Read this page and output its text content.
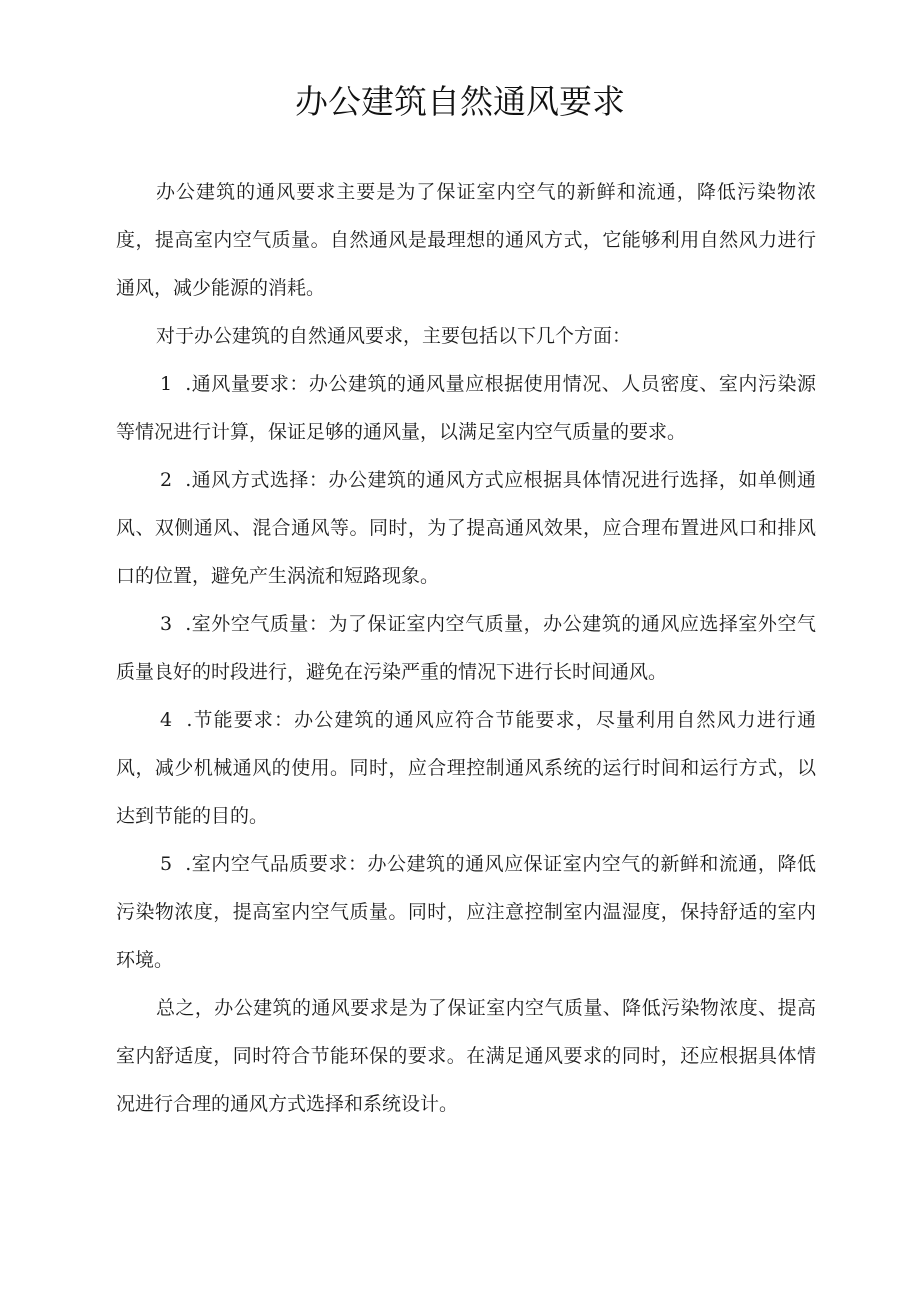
办公建筑自然通风要求

办公建筑的通风要求主要是为了保证室内空气的新鲜和流通，降低污染物浓度，提高室内空气质量。自然通风是最理想的通风方式，它能够利用自然风力进行通风，减少能源的消耗。

对于办公建筑的自然通风要求，主要包括以下几个方面：

1 .通风量要求：办公建筑的通风量应根据使用情况、人员密度、室内污染源等情况进行计算，保证足够的通风量，以满足室内空气质量的要求。

2 .通风方式选择：办公建筑的通风方式应根据具体情况进行选择，如单侧通风、双侧通风、混合通风等。同时，为了提高通风效果，应合理布置进风口和排风口的位置，避免产生涡流和短路现象。

3 .室外空气质量：为了保证室内空气质量，办公建筑的通风应选择室外空气质量良好的时段进行，避免在污染严重的情况下进行长时间通风。

4 .节能要求：办公建筑的通风应符合节能要求，尽量利用自然风力进行通风，减少机械通风的使用。同时，应合理控制通风系统的运行时间和运行方式，以达到节能的目的。

5 .室内空气品质要求：办公建筑的通风应保证室内空气的新鲜和流通，降低污染物浓度，提高室内空气质量。同时，应注意控制室内温湿度，保持舒适的室内环境。

总之，办公建筑的通风要求是为了保证室内空气质量、降低污染物浓度、提高室内舒适度，同时符合节能环保的要求。在满足通风要求的同时，还应根据具体情况进行合理的通风方式选择和系统设计。
